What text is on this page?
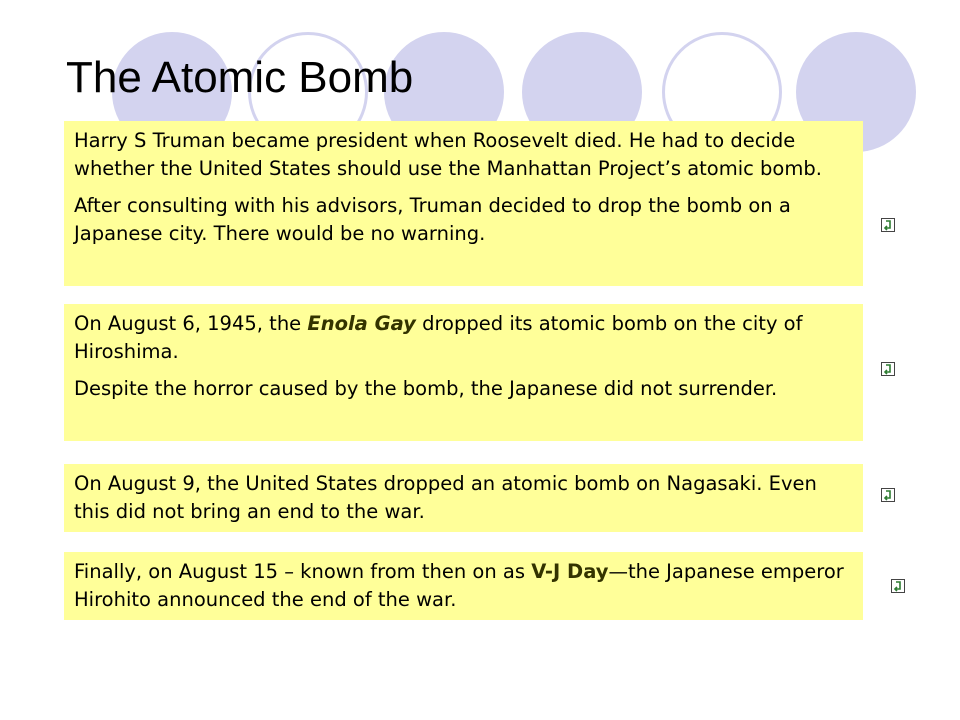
The Atomic Bomb

Harry S Truman became president when Roosevelt died. He had to decide whether the United States should use the Manhattan Project’s atomic bomb.

After consulting with his advisors, Truman decided to drop the bomb on a Japanese city. There would be no warning.

On August 6, 1945, the Enola Gay dropped its atomic bomb on the city of Hiroshima.

Despite the horror caused by the bomb, the Japanese did not surrender.

On August 9, the United States dropped an atomic bomb on Nagasaki. Even this did not bring an end to the war.

Finally, on August 15 – known from then on as V-J Day—the Japanese emperor Hirohito announced the end of the war.
